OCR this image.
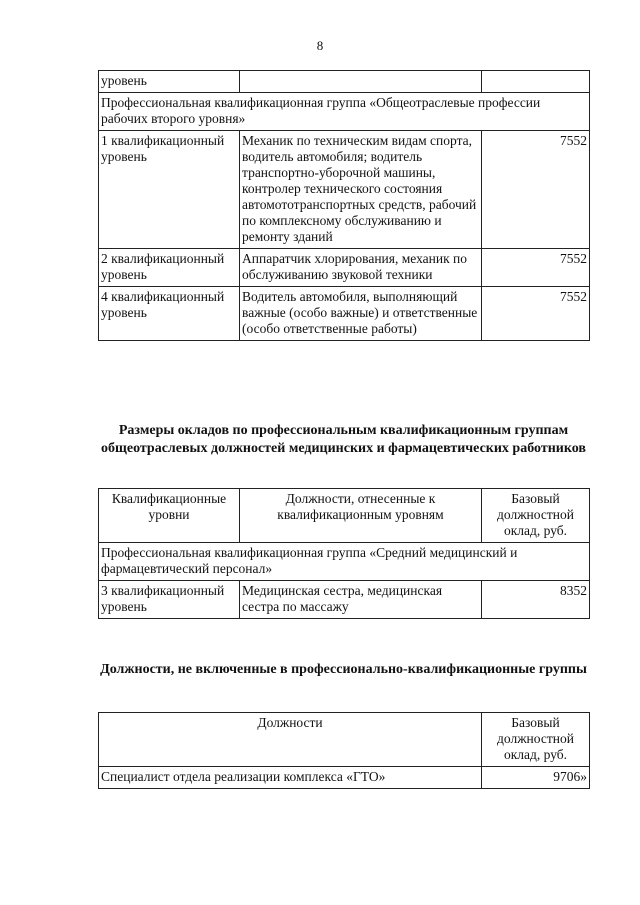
8
уровень		
Профессиональная квалификационная группа «Общеотраслевые профессии рабочих второго уровня»		
1 квалификационный уровень	Механик по техническим видам спорта, водитель автомобиля; водитель транспортно-уборочной машины, контролер технического состояния автомототранспортных средств, рабочий по комплексному обслуживанию и ремонту зданий	7552
2 квалификационный уровень	Аппаратчик хлорирования, механик по обслуживанию звуковой техники	7552
4 квалификационный уровень	Водитель автомобиля, выполняющий важные (особо важные) и ответственные (особо ответственные работы)	7552
Размеры окладов по профессиональным квалификационным группам общеотраслевых должностей медицинских и фармацевтических работников
Квалификационные уровни	Должности, отнесенные к квалификационным уровням	Базовый должностной оклад, руб.
Профессиональная квалификационная группа «Средний медицинский и фармацевтический персонал»		
3 квалификационный уровень	Медицинская сестра, медицинская сестра по массажу	8352
Должности, не включенные в профессионально-квалификационные группы
Должности	Базовый должностной оклад, руб.
Специалист отдела реализации комплекса «ГТО»	9706»
